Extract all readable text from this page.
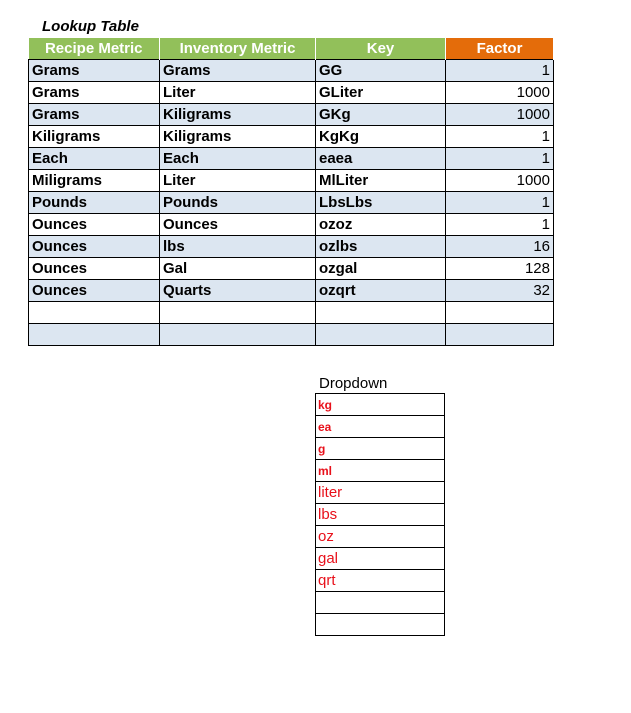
Lookup Table
Recipe Metric	Inventory Metric	Key	Factor
Grams	Grams	GG	1
Grams	Liter	GLiter	1000
Grams	Kiligrams	GKg	1000
Kiligrams	Kiligrams	KgKg	1
Each	Each	eaea	1
Miligrams	Liter	MlLiter	1000
Pounds	Pounds	LbsLbs	1
Ounces	Ounces	ozoz	1
Ounces	lbs	ozlbs	16
Ounces	Gal	ozgal	128
Ounces	Quarts	ozqrt	32

Dropdown
kg
ea
g
ml
liter
lbs
oz
gal
qrt
